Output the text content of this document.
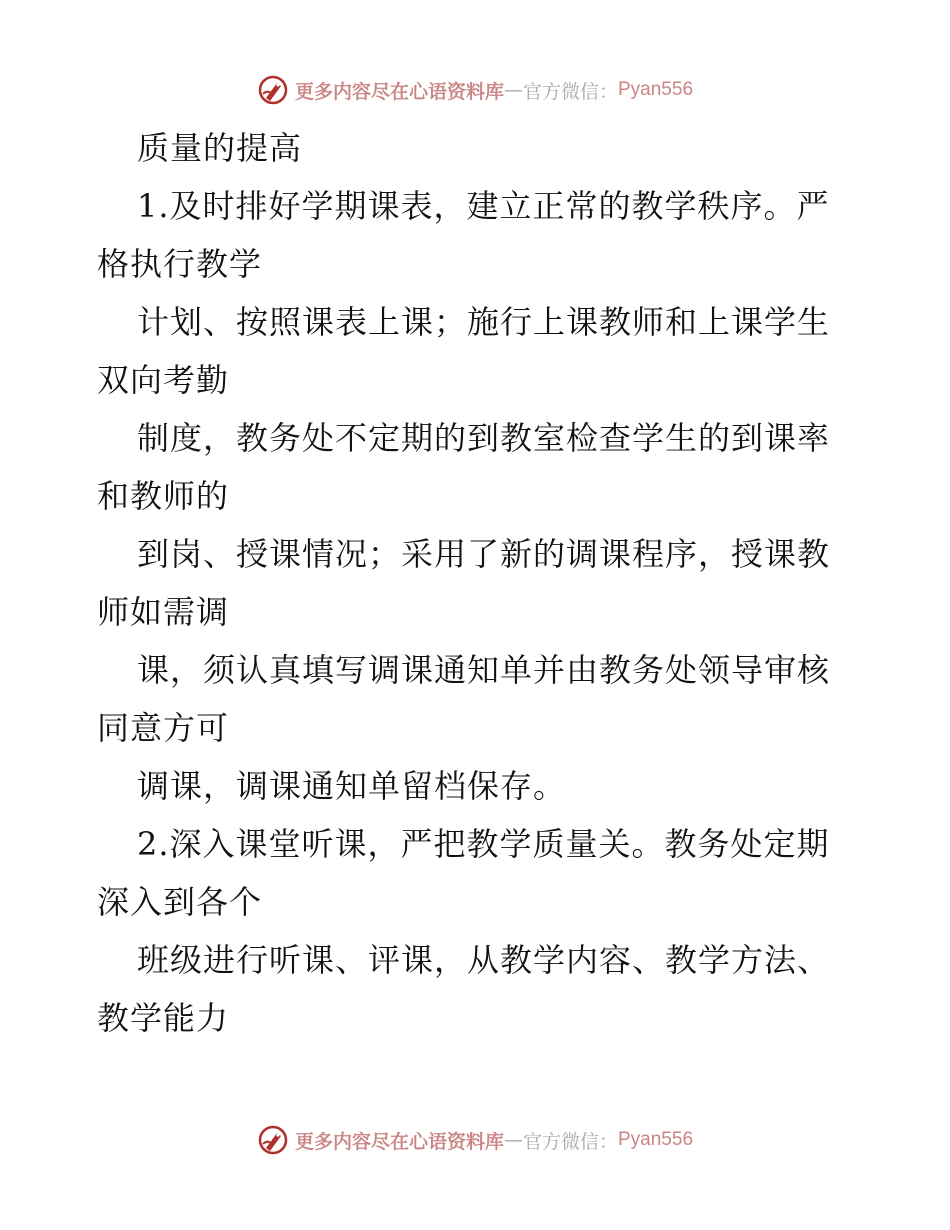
更多内容尽在心语资料库 — 官方微信： Pyan556
质量的提高
1.及时排好学期课表，建立正常的教学秩序。严
格执行教学
计划、按照课表上课；施行上课教师和上课学生
双向考勤
制度，教务处不定期的到教室检查学生的到课率
和教师的
到岗、授课情况；采用了新的调课程序，授课教
师如需调
课，须认真填写调课通知单并由教务处领导审核
同意方可
调课，调课通知单留档保存。
2.深入课堂听课，严把教学质量关。教务处定期
深入到各个
班级进行听课、评课，从教学内容、教学方法、
教学能力
更多内容尽在心语资料库 — 官方微信： Pyan556
